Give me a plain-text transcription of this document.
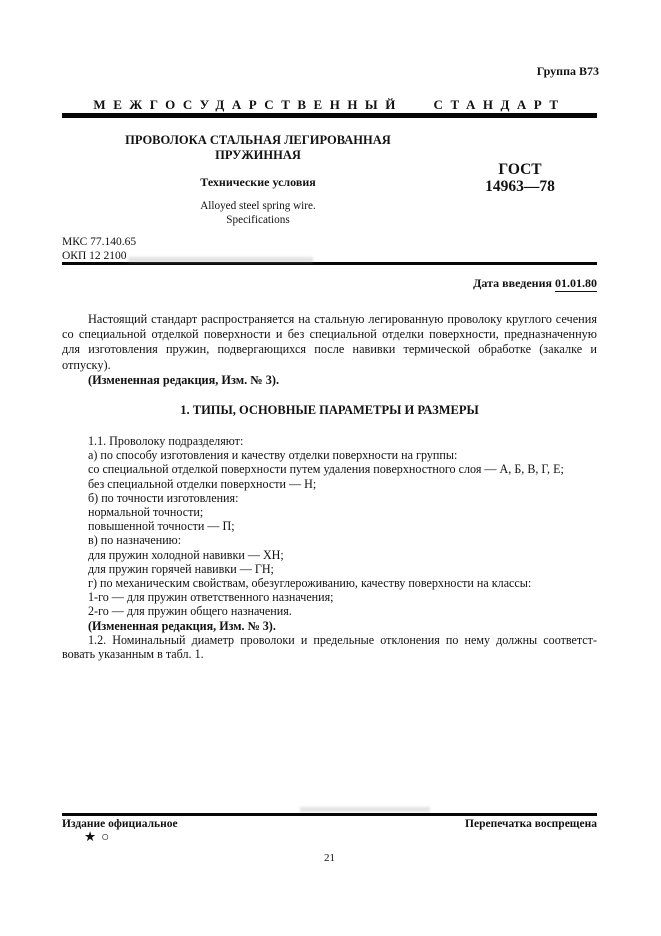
Группа В73
МЕЖГОСУДАРСТВЕННЫЙ СТАНДАРТ
ПРОВОЛОКА СТАЛЬНАЯ ЛЕГИРОВАННАЯ
ПРУЖИННАЯ
ГОСТ
14963—78
Технические условия
Alloyed steel spring wire.
Specifications
МКС 77.140.65
ОКП 12 2100
Дата введения 01.01.80
Настоящий стандарт распространяется на стальную легированную проволоку круглого сечения
со специальной отделкой поверхности и без специальной отделки поверхности, предназначенную
для изготовления пружин, подвергающихся после навивки термической обработке (закалке и
отпуску).
(Измененная редакция, Изм. № 3).
1. ТИПЫ, ОСНОВНЫЕ ПАРАМЕТРЫ И РАЗМЕРЫ
1.1. Проволоку подразделяют:
а) по способу изготовления и качеству отделки поверхности на группы:
со специальной отделкой поверхности путем удаления поверхностного слоя — А, Б, В, Г, Е;
без специальной отделки поверхности — Н;
б) по точности изготовления:
нормальной точности;
повышенной точности — П;
в) по назначению:
для пружин холодной навивки — ХН;
для пружин горячей навивки — ГН;
г) по механическим свойствам, обезуглероживанию, качеству поверхности на классы:
1-го — для пружин ответственного назначения;
2-го — для пружин общего назначения.
(Измененная редакция, Изм. № 3).
1.2. Номинальный диаметр проволоки и предельные отклонения по нему должны соответст-
вовать указанным в табл. 1.
Издание официальное	Перепечатка воспрещена
★○
21
